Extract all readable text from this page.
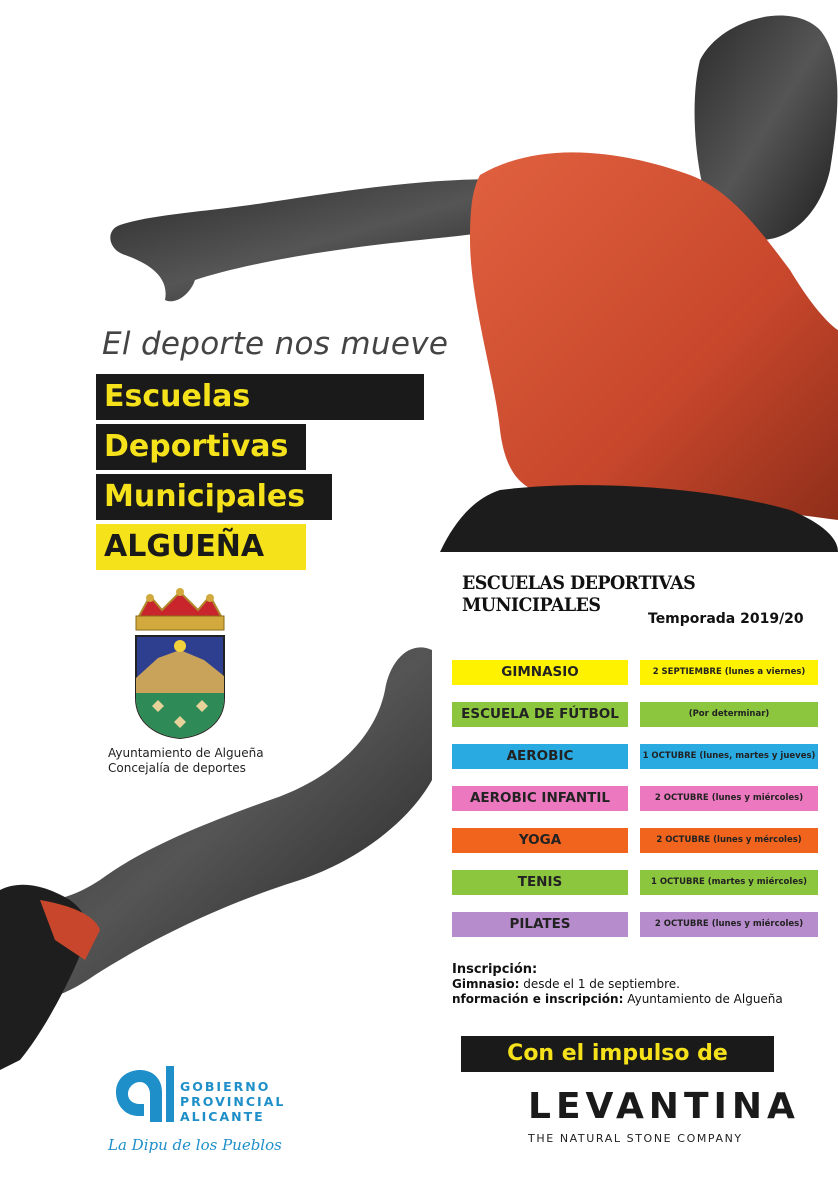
El deporte nos mueve
Escuelas
Deportivas
Municipales
ALGUEÑA
Ayuntamiento de Algueña
Concejalía de deportes
ESCUELAS DEPORTIVAS MUNICIPALES
Temporada 2019/20
GIMNASIO	2 SEPTIEMBRE (lunes a viernes)
ESCUELA DE FÚTBOL	(Por determinar)
AEROBIC	1 OCTUBRE (lunes, martes y jueves)
AEROBIC INFANTIL	2 OCTUBRE (lunes y miércoles)
YOGA	2 OCTUBRE (lunes y mércoles)
TENIS	1 OCTUBRE (martes y miércoles)
PILATES	2 OCTUBRE (lunes y miércoles)
Inscripción:
Gimnasio: desde el 1 de septiembre.
nformación e inscripción: Ayuntamiento de Algueña
Con el impulso de
LEVANTINA
THE NATURAL STONE COMPANY
GOBIERNO
PROVINCIAL
ALICANTE
La Dipu de los Pueblos
